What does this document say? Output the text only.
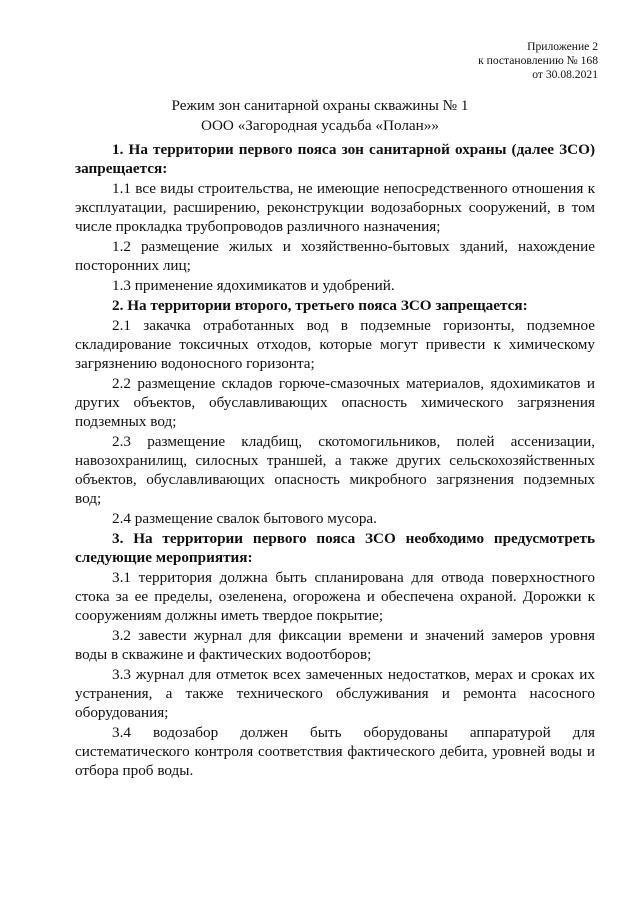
Приложение 2
к постановлению № 168
от 30.08.2021
Режим зон санитарной охраны скважины № 1
ООО «Загородная усадьба «Полан»»

1. На территории первого пояса зон санитарной охраны (далее ЗСО) запрещается:

1.1 все виды строительства, не имеющие непосредственного отношения к эксплуатации, расширению, реконструкции водозаборных сооружений, в том числе прокладка трубопроводов различного назначения;

1.2 размещение жилых и хозяйственно-бытовых зданий, нахождение посторонних лиц;

1.3 применение ядохимикатов и удобрений.

2. На территории второго, третьего пояса ЗСО запрещается:

2.1 закачка отработанных вод в подземные горизонты, подземное складирование токсичных отходов, которые могут привести к химическому загрязнению водоносного горизонта;

2.2 размещение складов горюче-смазочных материалов, ядохимикатов и других объектов, обуславливающих опасность химического загрязнения подземных вод;

2.3 размещение кладбищ, скотомогильников, полей ассенизации, навозохранилищ, силосных траншей, а также других сельскохозяйственных объектов, обуславливающих опасность микробного загрязнения подземных вод;

2.4 размещение свалок бытового мусора.

3. На территории первого пояса ЗСО необходимо предусмотреть следующие мероприятия:

3.1 территория должна быть спланирована для отвода поверхностного стока за ее пределы, озеленена, огорожена и обеспечена охраной. Дорожки к сооружениям должны иметь твердое покрытие;

3.2 завести журнал для фиксации времени и значений замеров уровня воды в скважине и фактических водоотборов;

3.3 журнал для отметок всех замеченных недостатков, мерах и сроках их устранения, а также технического обслуживания и ремонта насосного оборудования;

3.4 водозабор должен быть оборудованы аппаратурой для систематического контроля соответствия фактического дебита, уровней воды и отбора проб воды.
